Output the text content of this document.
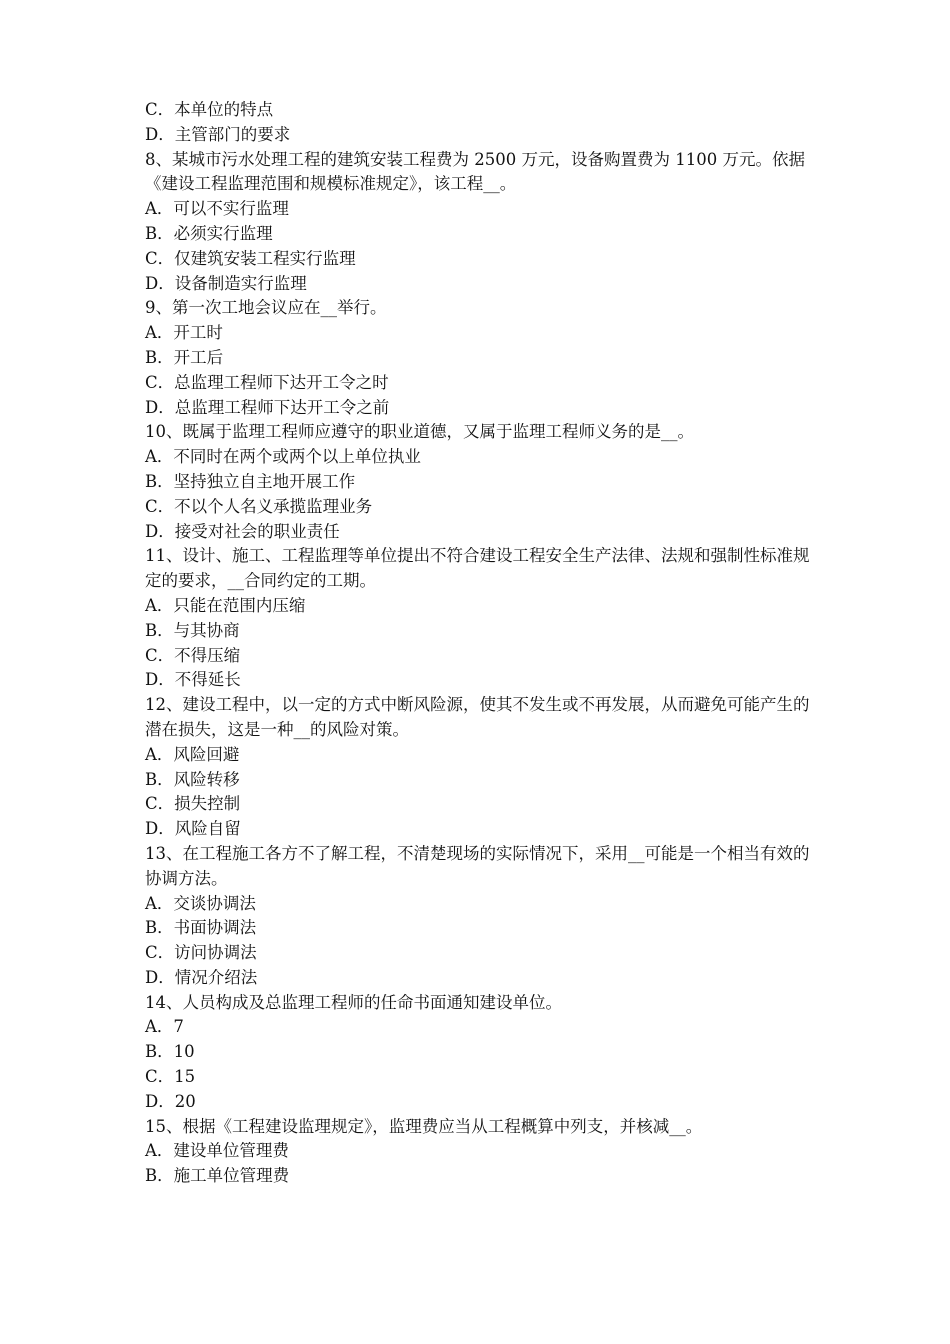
C．本单位的特点
D．主管部门的要求
8、某城市污水处理工程的建筑安装工程费为 2500 万元，设备购置费为 1100 万元。依据《建设工程监理范围和规模标准规定》，该工程__。
A．可以不实行监理
B．必须实行监理
C．仅建筑安装工程实行监理
D．设备制造实行监理
9、第一次工地会议应在__举行。
A．开工时
B．开工后
C．总监理工程师下达开工令之时
D．总监理工程师下达开工令之前
10、既属于监理工程师应遵守的职业道德，又属于监理工程师义务的是__。
A．不同时在两个或两个以上单位执业
B．坚持独立自主地开展工作
C．不以个人名义承揽监理业务
D．接受对社会的职业责任
11、设计、施工、工程监理等单位提出不符合建设工程安全生产法律、法规和强制性标准规定的要求，__合同约定的工期。
A．只能在范围内压缩
B．与其协商
C．不得压缩
D．不得延长
12、建设工程中，以一定的方式中断风险源，使其不发生或不再发展，从而避免可能产生的潜在损失，这是一种__的风险对策。
A．风险回避
B．风险转移
C．损失控制
D．风险自留
13、在工程施工各方不了解工程，不清楚现场的实际情况下，采用__可能是一个相当有效的协调方法。
A．交谈协调法
B．书面协调法
C．访问协调法
D．情况介绍法
14、人员构成及总监理工程师的任命书面通知建设单位。
A．7
B．10
C．15
D．20
15、根据《工程建设监理规定》，监理费应当从工程概算中列支，并核减__。
A．建设单位管理费
B．施工单位管理费
